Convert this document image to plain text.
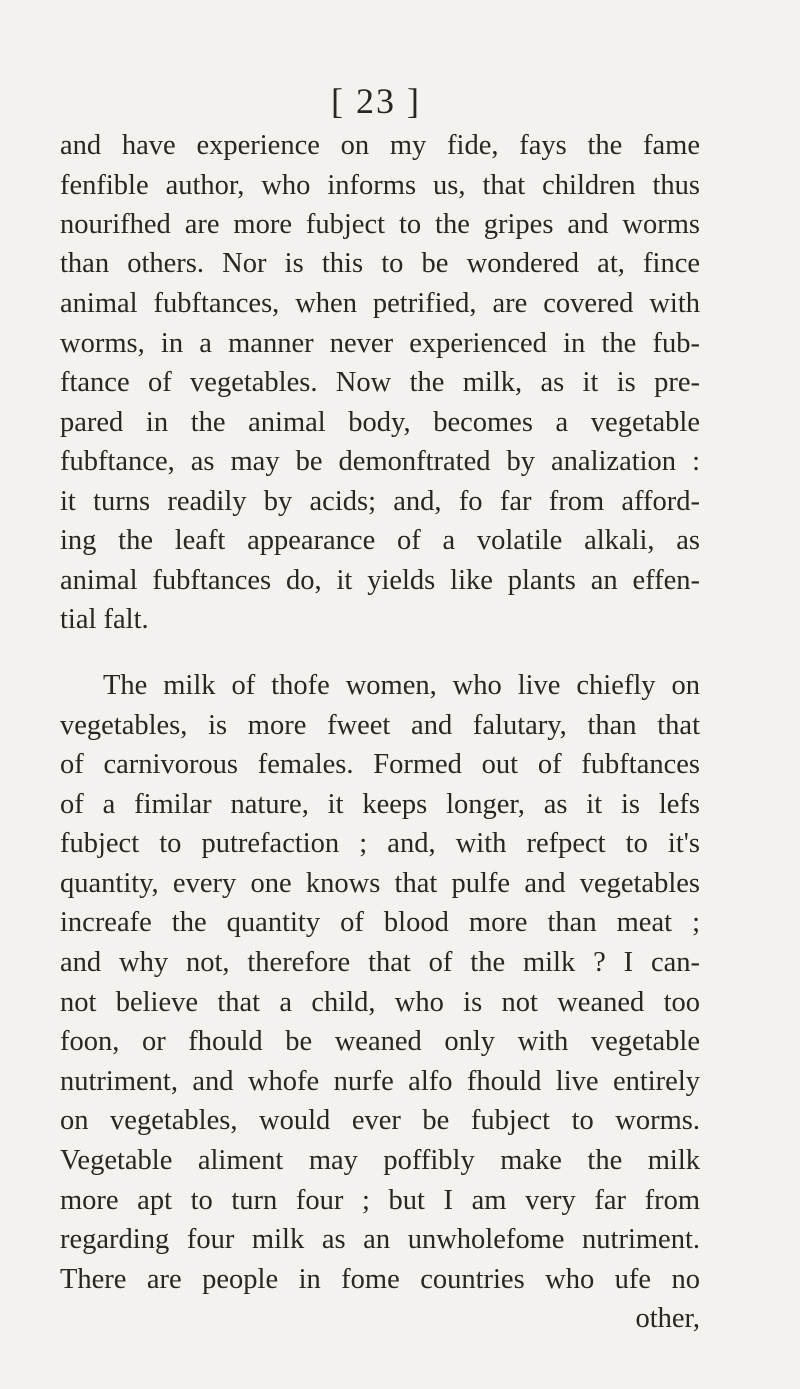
[ 23 ]
and have experience on my fide, fays the fame
fenfible author, who informs us, that children thus
nourifhed are more fubject to the gripes and worms
than others. Nor is this to be wondered at, fince
animal fubftances, when petrified, are covered with
worms, in a manner never experienced in the fub-
ftance of vegetables. Now the milk, as it is pre-
pared in the animal body, becomes a vegetable
fubftance, as may be demonftrated by analization :
it turns readily by acids; and, fo far from afford-
ing the leaft appearance of a volatile alkali, as
animal fubftances do, it yields like plants an effen-
tial falt.
The milk of thofe women, who live chiefly on
vegetables, is more fweet and falutary, than that
of carnivorous females. Formed out of fubftances
of a fimilar nature, it keeps longer, as it is lefs
fubject to putrefaction ; and, with refpect to it's
quantity, every one knows that pulfe and vegetables
increafe the quantity of blood more than meat ;
and why not, therefore that of the milk ? I can-
not believe that a child, who is not weaned too
foon, or fhould be weaned only with vegetable
nutriment, and whofe nurfe alfo fhould live entirely
on vegetables, would ever be fubject to worms.
Vegetable aliment may poffibly make the milk
more apt to turn four ; but I am very far from
regarding four milk as an unwholefome nutriment.
There are people in fome countries who ufe no
other,
